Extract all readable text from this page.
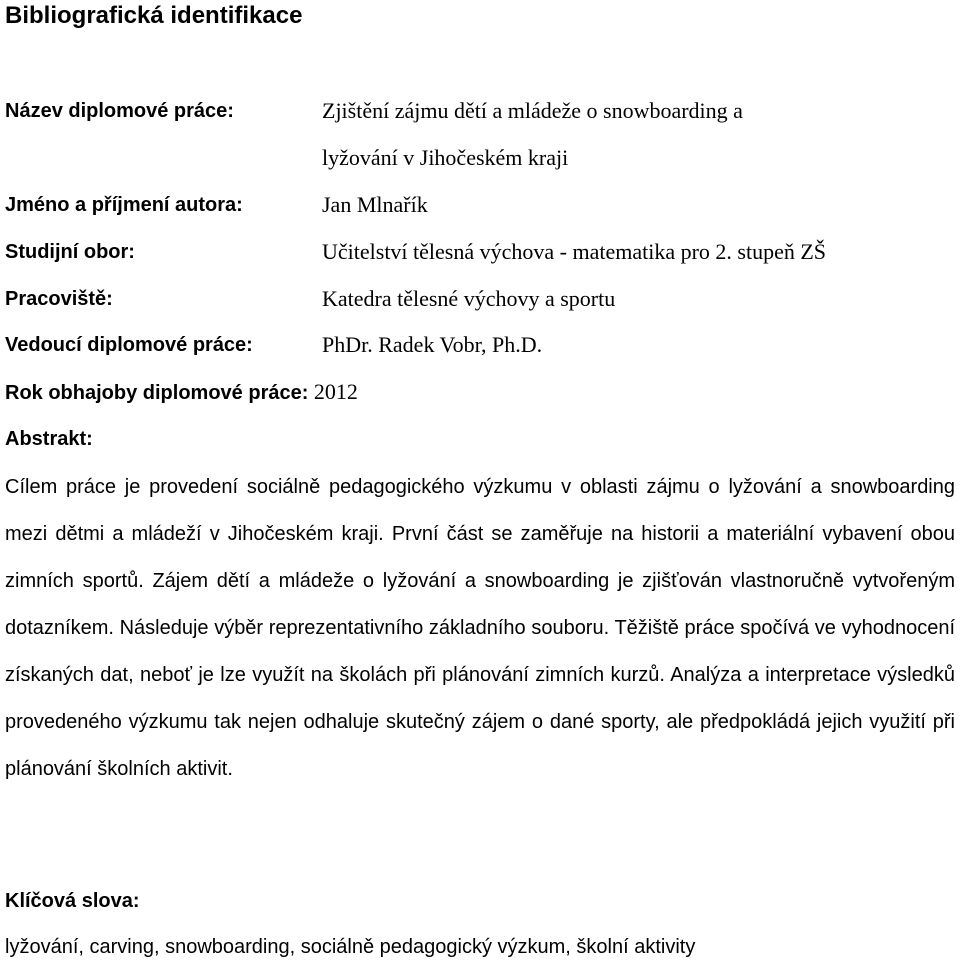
Bibliografická identifikace
Název diplomové práce:	Zjištění zájmu dětí a mládeže o snowboarding a
lyžování v Jihočeském kraji
Jméno a příjmení autora:	Jan Mlnařík
Studijní obor:	Učitelství tělesná výchova - matematika pro 2. stupeň ZŠ
Pracoviště:	Katedra tělesné výchovy a sportu
Vedoucí diplomové práce:	PhDr. Radek Vobr, Ph.D.
Rok obhajoby diplomové práce: 2012
Abstrakt:
Cílem práce je provedení sociálně pedagogického výzkumu v oblasti zájmu o lyžování a snowboarding mezi dětmi a mládeží v Jihočeském kraji. První část se zaměřuje na historii a materiální vybavení obou zimních sportů. Zájem dětí a mládeže o lyžování a snowboarding je zjišťován vlastnoručně vytvořeným dotazníkem. Následuje výběr reprezentativního základního souboru. Těžiště práce spočívá ve vyhodnocení získaných dat, neboť je lze využít na školách při plánování zimních kurzů. Analýza a interpretace výsledků provedeného výzkumu tak nejen odhaluje skutečný zájem o dané sporty, ale předpokládá jejich využití při plánování školních aktivit.
Klíčová slova:
lyžování, carving, snowboarding, sociálně pedagogický výzkum, školní aktivity
